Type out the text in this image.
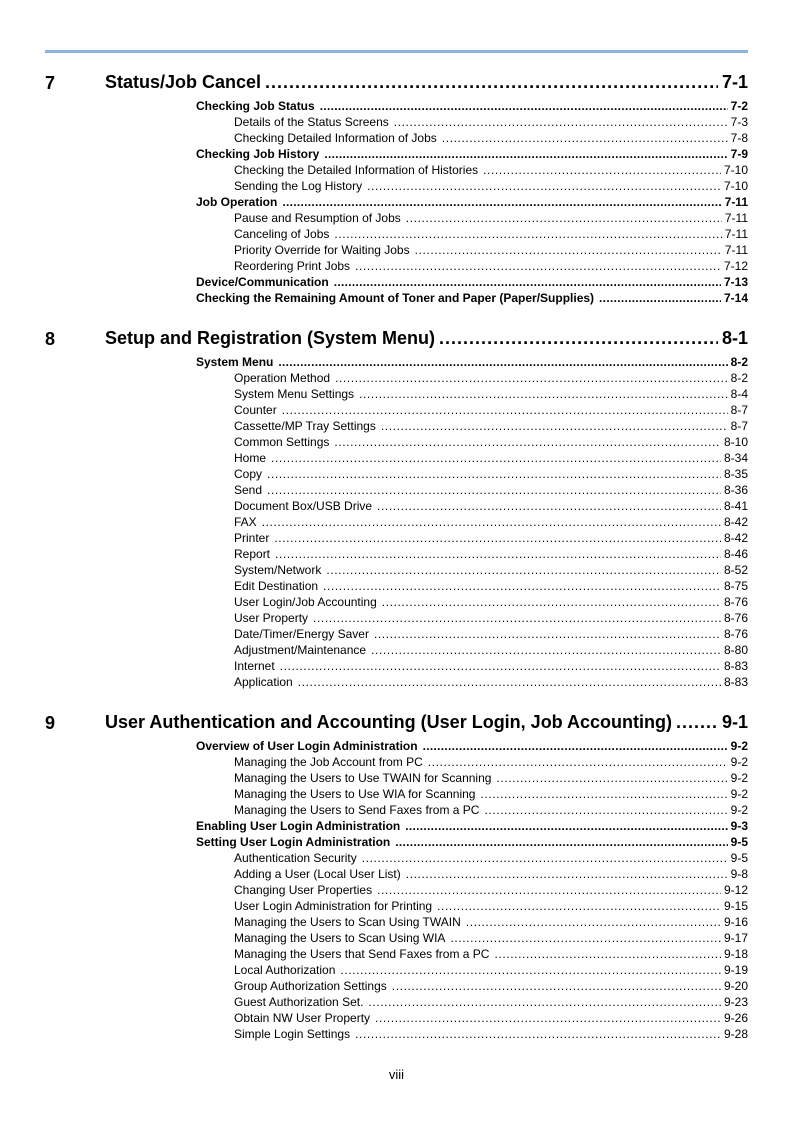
7	Status/Job Cancel . . .	7-1
Checking Job Status .....	7-2
Details of the Status Screens .....	7-3
Checking Detailed Information of Jobs .....	7-8
Checking Job History .....	7-9
Checking the Detailed Information of Histories .....	7-10
Sending the Log History .....	7-10
Job Operation .....	7-11
Pause and Resumption of Jobs .....	7-11
Canceling of Jobs .....	7-11
Priority Override for Waiting Jobs .....	7-11
Reordering Print Jobs .....	7-12
Device/Communication .....	7-13
Checking the Remaining Amount of Toner and Paper (Paper/Supplies) .....	7-14
8	Setup and Registration (System Menu) . . .	8-1
System Menu .....	8-2
Operation Method .....	8-2
System Menu Settings .....	8-4
Counter .....	8-7
Cassette/MP Tray Settings .....	8-7
Common Settings .....	8-10
Home .....	8-34
Copy .....	8-35
Send .....	8-36
Document Box/USB Drive .....	8-41
FAX .....	8-42
Printer .....	8-42
Report .....	8-46
System/Network .....	8-52
Edit Destination .....	8-75
User Login/Job Accounting .....	8-76
User Property .....	8-76
Date/Timer/Energy Saver .....	8-76
Adjustment/Maintenance .....	8-80
Internet .....	8-83
Application .....	8-83
9	User Authentication and Accounting (User Login, Job Accounting) . . .	9-1
Overview of User Login Administration .....	9-2
Managing the Job Account from PC .....	9-2
Managing the Users to Use TWAIN for Scanning .....	9-2
Managing the Users to Use WIA for Scanning .....	9-2
Managing the Users to Send Faxes from a PC .....	9-2
Enabling User Login Administration .....	9-3
Setting User Login Administration .....	9-5
Authentication Security .....	9-5
Adding a User (Local User List) .....	9-8
Changing User Properties .....	9-12
User Login Administration for Printing .....	9-15
Managing the Users to Scan Using TWAIN .....	9-16
Managing the Users to Scan Using WIA .....	9-17
Managing the Users that Send Faxes from a PC .....	9-18
Local Authorization .....	9-19
Group Authorization Settings .....	9-20
Guest Authorization Set. .....	9-23
Obtain NW User Property .....	9-26
Simple Login Settings .....	9-28
viii
